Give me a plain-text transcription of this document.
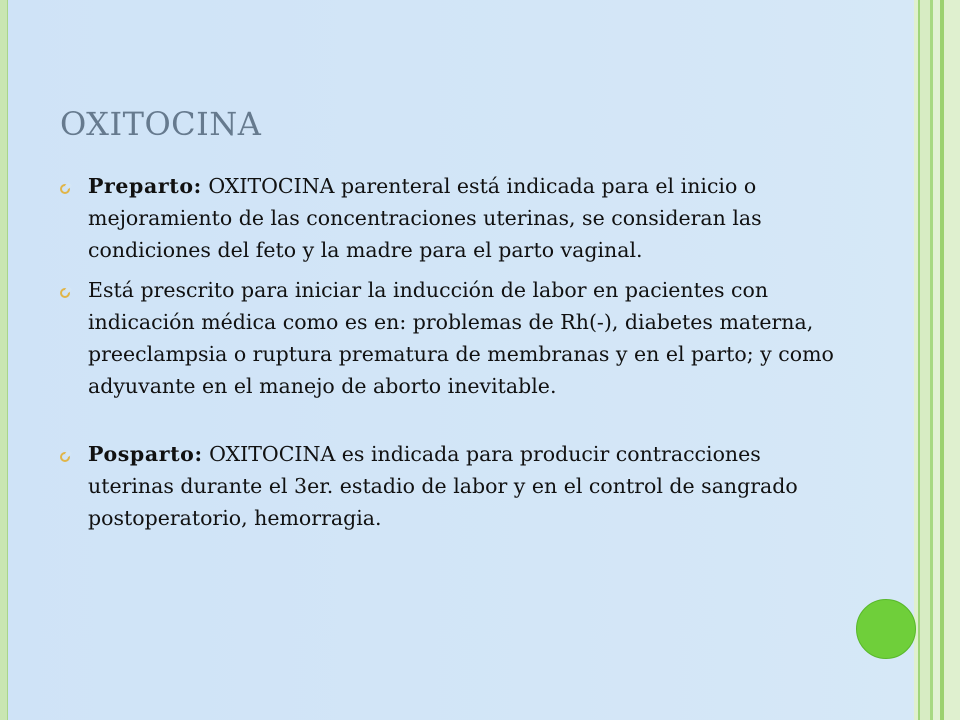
OXITOCINA
Preparto: OXITOCINA parenteral está indicada para el inicio o mejoramiento de las concentraciones uterinas, se consideran las condiciones del feto y la madre para el parto vaginal.
Está prescrito para iniciar la inducción de labor en pacientes con indicación médica como es en: problemas de Rh(-), diabetes materna, preeclampsia o ruptura prematura de membranas y en el parto; y como adyuvante en el manejo de aborto inevitable.
Posparto: OXITOCINA es indicada para producir contracciones uterinas durante el 3er. estadio de labor y en el control de sangrado postoperatorio, hemorragia.
